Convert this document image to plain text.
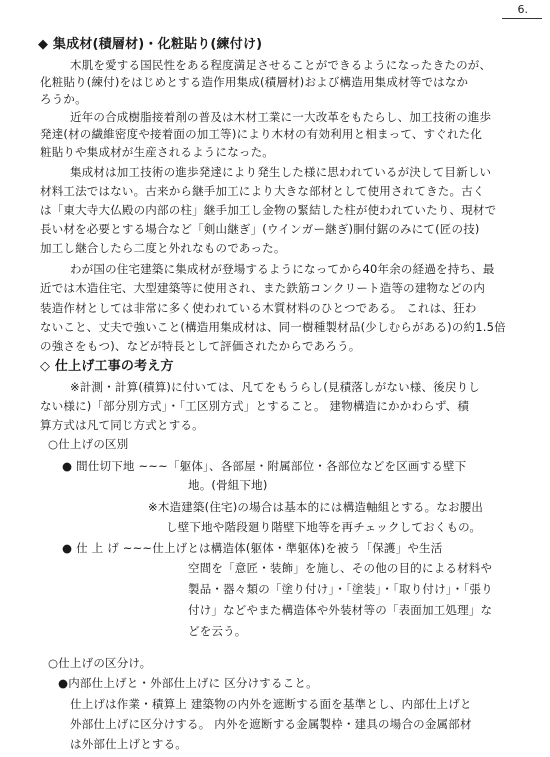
6.
◆ 集成材(積層材)・化粧貼り(練付け)
木肌を愛する国民性をある程度満足させることができるようになったきたのが、
化粧貼り(練付)をはじめとする造作用集成(積層材)および構造用集成材等ではなか
ろうか。
近年の合成樹脂接着剤の普及は木材工業に一大改革をもたらし、加工技術の進歩
発達(材の繊維密度や接着面の加工等)により木材の有効利用と相まって、すぐれた化
粧貼りや集成材が生産されるようになった。
集成材は加工技術の進歩発達により発生した様に思われているが決して目新しい
材料工法ではない。古来から継手加工により大きな部材として使用されてきた。古く
は「東大寺大仏殿の内部の柱」継手加工し金物の緊結した柱が使われていたり、現材で
長い材を必要とする場合など「剣山継ぎ」(ウインガー継ぎ)胴付鋸のみにて(匠の技)
加工し継合したら二度と外れなものであった。
わが国の住宅建築に集成材が登場するようになってから40年余の経過を持ち、最
近では木造住宅、大型建築等に使用され、また鉄筋コンクリート造等の建物などの内
装造作材としては非常に多く使われている木質材料のひとつである。 これは、狂わ
ないこと、丈夫で強いこと(構造用集成材は、同一樹種製材品(少しむらがある)の約1.5倍
の強さをもつ)、などが特長として評価されたからであろう。
◇ 仕上げ工事の考え方
※計測・計算(積算)に付いては、凡てをもうらし(見積落しがない様、後戻りし
ない様に)「部分別方式」・「工区別方式」とすること。 建物構造にかかわらず、積
算方式は凡て同じ方式とする。
○仕上げの区別
● 間仕切下地 ~~~「躯体」、各部屋・附属部位・各部位などを区画する壁下
地。(骨組下地)
※木造建築(住宅)の場合は基本的には構造軸組とする。なお腰出
し壁下地や階段廻り階壁下地等を再チェックしておくもの。
● 仕 上 げ ~~~仕上げとは構造体(躯体・準躯体)を被う「保護」や生活
空間を「意匠・装飾」を施し、その他の目的による材料や
製品・器々類の「塗り付け」・「塗装」・「取り付け」・「張り
付け」などやまた構造体や外装材等の「表面加工処理」な
どを云う。
○仕上げの区分け。
●内部仕上げと・外部仕上げに 区分けすること。
仕上げは作業・積算上 建築物の内外を遮断する面を基準とし、内部仕上げと
外部仕上げに区分けする。 内外を遮断する金属製枠・建具の場合の金属部材
は外部仕上げとする。
